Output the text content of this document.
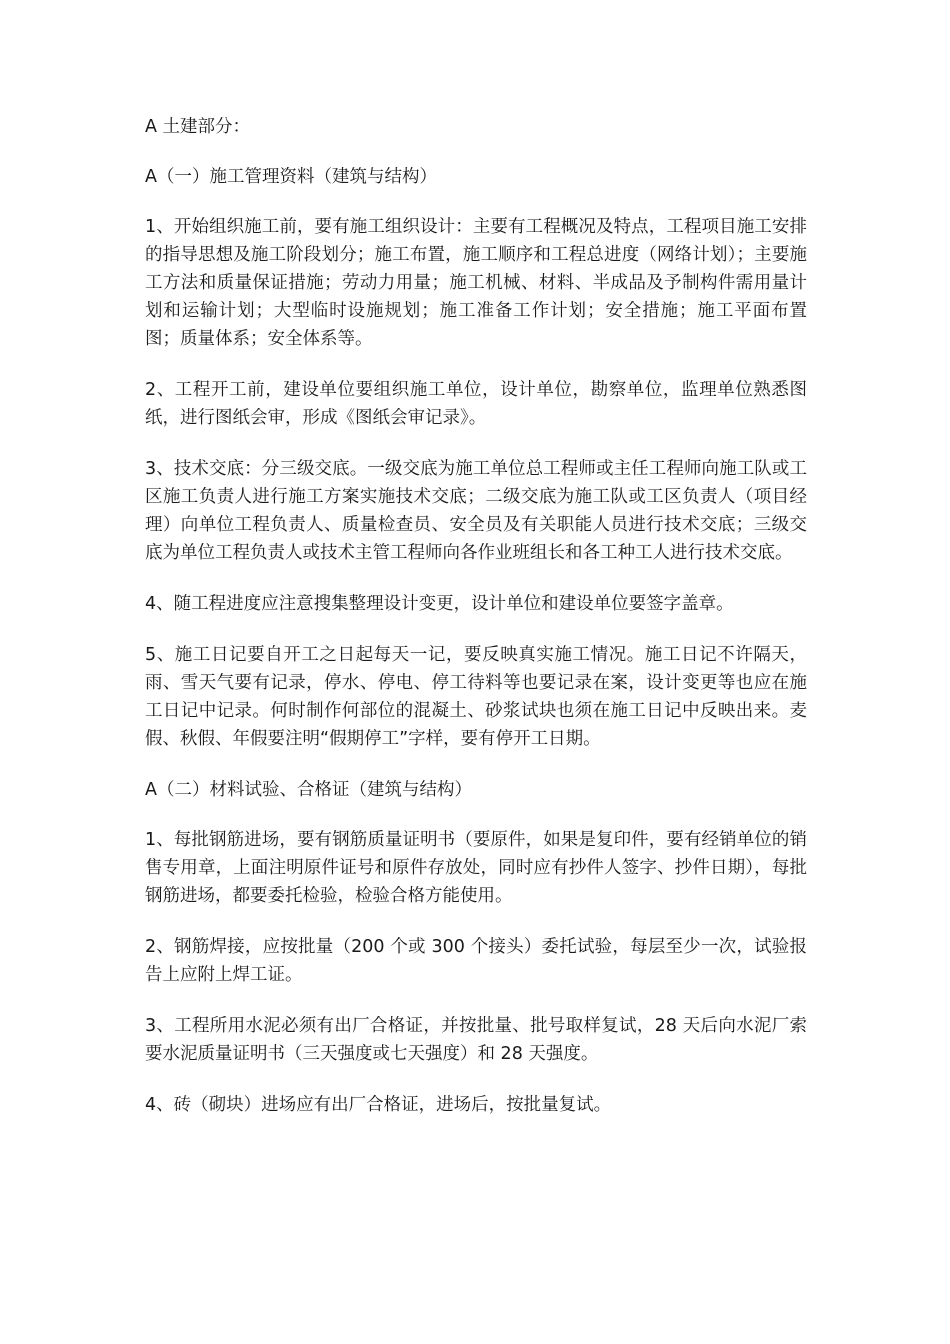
A 土建部分：

A（一）施工管理资料（建筑与结构）

1、开始组织施工前，要有施工组织设计：主要有工程概况及特点，工程项目施工安排的指导思想及施工阶段划分；施工布置，施工顺序和工程总进度（网络计划）；主要施工方法和质量保证措施；劳动力用量；施工机械、材料、半成品及予制构件需用量计划和运输计划；大型临时设施规划；施工准备工作计划；安全措施；施工平面布置图；质量体系；安全体系等。

2、工程开工前，建设单位要组织施工单位，设计单位，勘察单位，监理单位熟悉图纸，进行图纸会审，形成《图纸会审记录》。

3、技术交底：分三级交底。一级交底为施工单位总工程师或主任工程师向施工队或工区施工负责人进行施工方案实施技术交底；二级交底为施工队或工区负责人（项目经理）向单位工程负责人、质量检查员、安全员及有关职能人员进行技术交底；三级交底为单位工程负责人或技术主管工程师向各作业班组长和各工种工人进行技术交底。

4、随工程进度应注意搜集整理设计变更，设计单位和建设单位要签字盖章。

5、施工日记要自开工之日起每天一记，要反映真实施工情况。施工日记不许隔天，雨、雪天气要有记录，停水、停电、停工待料等也要记录在案，设计变更等也应在施工日记中记录。何时制作何部位的混凝土、砂浆试块也须在施工日记中反映出来。麦假、秋假、年假要注明“假期停工”字样，要有停开工日期。

A（二）材料试验、合格证（建筑与结构）

1、每批钢筋进场，要有钢筋质量证明书（要原件，如果是复印件，要有经销单位的销售专用章，上面注明原件证号和原件存放处，同时应有抄件人签字、抄件日期），每批钢筋进场，都要委托检验，检验合格方能使用。

2、钢筋焊接，应按批量（200 个或 300 个接头）委托试验，每层至少一次，试验报告上应附上焊工证。

3、工程所用水泥必须有出厂合格证，并按批量、批号取样复试，28 天后向水泥厂索要水泥质量证明书（三天强度或七天强度）和 28 天强度。

4、砖（砌块）进场应有出厂合格证，进场后，按批量复试。
